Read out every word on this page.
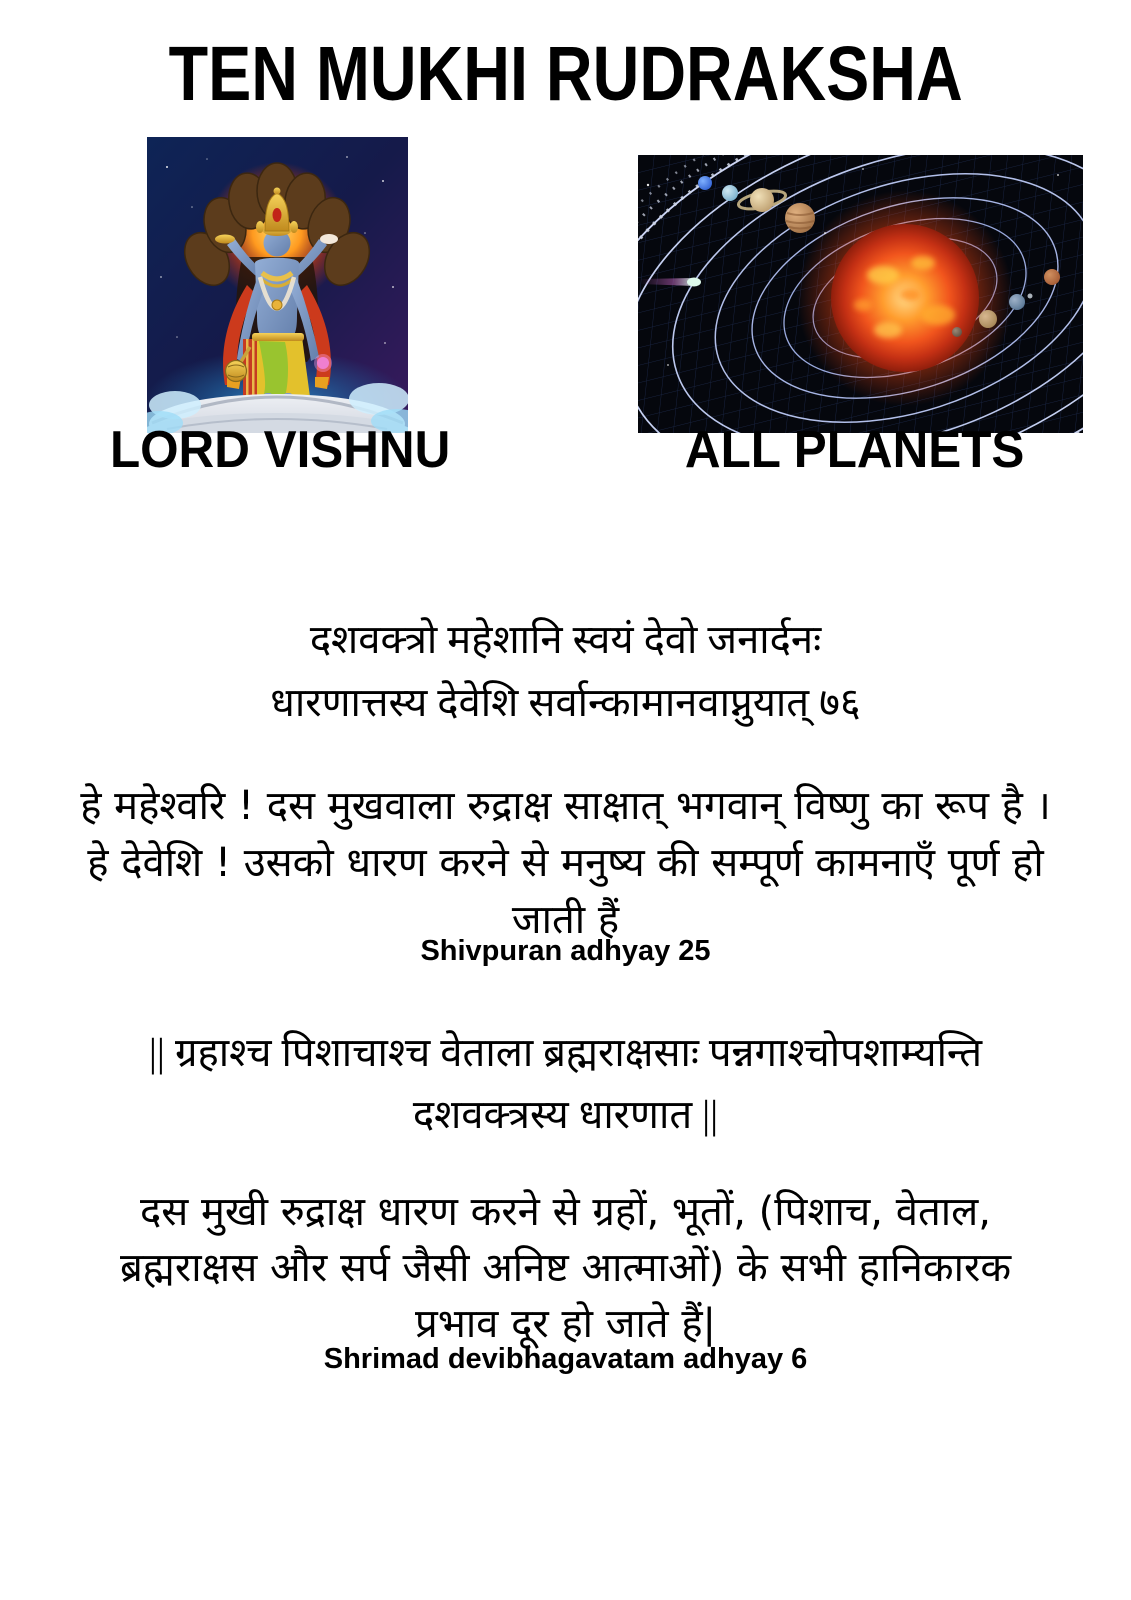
TEN MUKHI RUDRAKSHA
LORD VISHNU	ALL PLANETS
दशवक्त्रो महेशानि स्वयं देवो जनार्दनः
धारणात्तस्य देवेशि सर्वान्कामानवाप्नुयात् ७६
हे महेश्वरि ! दस मुखवाला रुद्राक्ष साक्षात् भगवान् विष्णु का रूप है ।
हे देवेशि ! उसको धारण करने से मनुष्य की सम्पूर्ण कामनाएँ पूर्ण हो
जाती हैं
Shivpuran adhyay 25
|| ग्रहाश्च पिशाचाश्च वेताला ब्रह्मराक्षसाः पन्नगाश्चोपशाम्यन्ति
दशवक्त्रस्य धारणात ||
दस मुखी रुद्राक्ष धारण करने से ग्रहों, भूतों, (पिशाच, वेताल,
ब्रह्मराक्षस और सर्प जैसी अनिष्ट आत्माओं) के सभी हानिकारक
प्रभाव दूर हो जाते हैं|
Shrimad devibhagavatam adhyay 6
